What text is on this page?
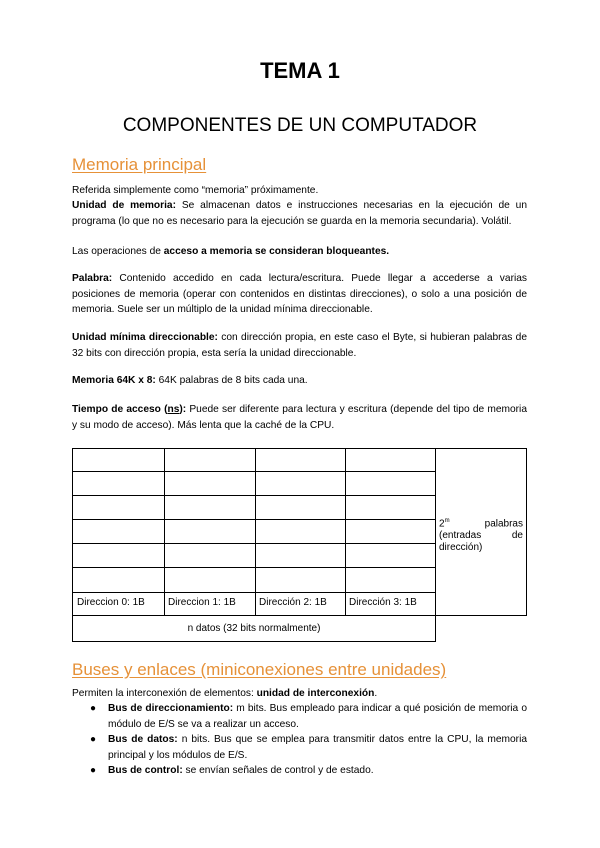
TEMA 1
COMPONENTES DE UN COMPUTADOR
Memoria principal

Referida simplemente como “memoria” próximamente.

Unidad de memoria: Se almacenan datos e instrucciones necesarias en la ejecución de un programa (lo que no es necesario para la ejecución se guarda en la memoria secundaria). Volátil.

Las operaciones de acceso a memoria se consideran bloqueantes.

Palabra: Contenido accedido en cada lectura/escritura. Puede llegar a accederse a varias posiciones de memoria (operar con contenidos en distintas direcciones), o solo a una posición de memoria. Suele ser un múltiplo de la unidad mínima direccionable.

Unidad mínima direccionable: con dirección propia, en este caso el Byte, si hubieran palabras de 32 bits con dirección propia, esta sería la unidad direccionable.

Memoria 64K x 8: 64K palabras de 8 bits cada una.

Tiempo de acceso (ns): Puede ser diferente para lectura y escritura (depende del tipo de memoria y su modo de acceso). Más lenta que la caché de la CPU.

Direccion 0: 1B Direccion 1: 1B Dirección 2: 1B Dirección 3: 1B
2$^m$ palabras (entradas de dirección)
n datos (32 bits normalmente)
Buses y enlaces (miniconexiones entre unidades)

Permiten la interconexión de elementos: unidad de interconexión.

● Bus de direccionamiento: m bits. Bus empleado para indicar a qué posición de memoria o módulo de E/S se va a realizar un acceso.
● Bus de datos: n bits. Bus que se emplea para transmitir datos entre la CPU, la memoria principal y los módulos de E/S.
● Bus de control: se envían señales de control y de estado.
